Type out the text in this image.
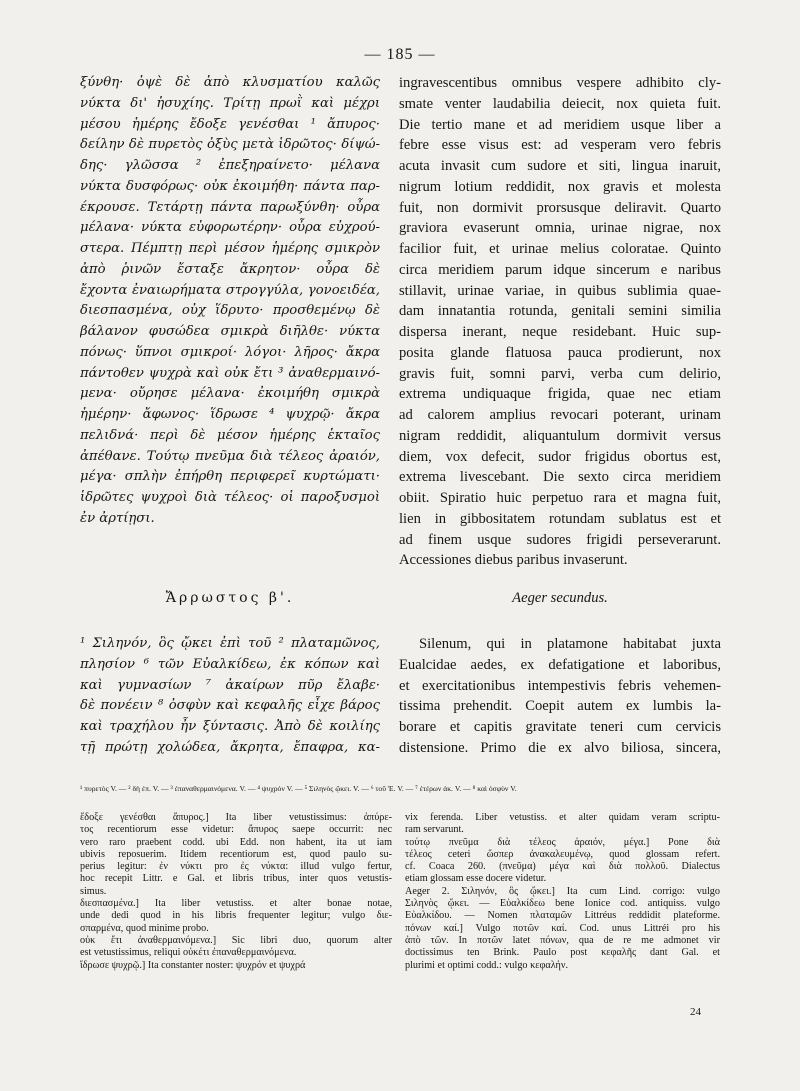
— 185 —
ξύνθη· ὀψὲ δὲ ἀπὸ κλυσματίου καλῶς
νύκτα δι' ἡσυχίης. Τρίτῃ πρωῒ καὶ μέχρι
μέσου ἡμέρης ἔδοξε γενέσθαι ¹ ἄπυρος·
δείλην δὲ πυρετὸς ὀξὺς μετὰ ἱδρῶτος· δίψώ-
δης· γλῶσσα ² ἐπεξηραίνετο· μέλανα
νύκτα δυσφόρως· οὐκ ἐκοιμήθη· πάντα παρ-
έκρουσε. Τετάρτῃ πάντα παρωξύνθη· οὖρα
μέλανα· νύκτα εὐφορωτέρην· οὖρα εὐχρού-
στερα. Πέμπτῃ περὶ μέσον ἡμέρης σμικρὸν
ἀπὸ ῥινῶν ἔσταξε ἄκρητον· οὖρα δὲ
ἔχοντα ἐναιωρήματα στρογγύλα, γονοειδέα,
διεσπασμένα, οὐχ ἵδρυτο· προσθεμένῳ δὲ
βάλανον φυσώδεα σμικρὰ διῆλθε· νύκτα
πόνως· ὕπνοι σμικροί· λόγοι· λῆρος· ἄκρα
πάντοθεν ψυχρὰ καὶ οὐκ ἔτι ³ ἀναθερμαινό-
μενα· οὔρησε μέλανα· ἐκοιμήθη σμικρὰ
ἡμέρην· ἄφωνος· ἵδρωσε ⁴ ψυχρῷ· ἄκρα
πελιδνά· περὶ δὲ μέσον ἡμέρης ἑκταῖος
ἀπέθανε. Τούτῳ πνεῦμα διὰ τέλεος ἀραιόν,
μέγα· σπλὴν ἐπήρθη περιφερεῖ κυρτώματι·
ἱδρῶτες ψυχροὶ διὰ τέλεος· οἱ παροξυσμοὶ
ἐν ἀρτίῃσι.
ingravescentibus omnibus vespere adhibito cly-
smate venter laudabilia deiecit, nox quieta fuit.
Die tertio mane et ad meridiem usque liber a
febre esse visus est: ad vesperam vero febris
acuta invasit cum sudore et siti, lingua inaruit,
nigrum lotium reddidit, nox gravis et molesta
fuit, non dormivit prorsusque deliravit. Quarto
graviora evaserunt omnia, urinae nigrae, nox
facilior fuit, et urinae melius coloratae. Quinto
circa meridiem parum idque sincerum e naribus
stillavit, urinae variae, in quibus sublimia quae-
dam innatantia rotunda, genitali semini similia
dispersa inerant, neque residebant. Huic sup-
posita glande flatuosa pauca prodierunt, nox
gravis fuit, somni parvi, verba cum delirio,
extrema undiquaque frigida, quae nec etiam
ad calorem amplius revocari poterant, urinam
nigram reddidit, aliquantulum dormivit versus
diem, vox defecit, sudor frigidus obortus est,
extrema livescebant. Die sexto circa meridiem
obiit. Spiratio huic perpetuo rara et magna fuit,
lien in gibbositatem rotundam sublatus est et
ad finem usque sudores frigidi perseverarunt.
Accessiones diebus paribus invaserunt.
Ἄρρωστος β'.	Aeger secundus.
¹ Σιληνόν, ὃς ᾤκει ἐπὶ τοῦ ² πλαταμῶνος,
πλησίον ⁶ τῶν Εὐαλκίδεω, ἐκ κόπων καὶ
καὶ γυμνασίων ⁷ ἀκαίρων πῦρ ἔλαβε·
δὲ πονέειν ⁸ ὀσφὺν καὶ κεφαλῆς εἶχε βάρος
καὶ τραχήλου ἦν ξύντασις. Ἀπὸ δὲ κοιλίης
τῇ πρώτῃ χολώδεα, ἄκρητα, ἔπαφρα, κα-
Silenum, qui in platamone habitabat juxta
Eualcidae aedes, ex defatigatione et laboribus,
et exercitationibus intempestivis febris vehemen-
tissima prehendit. Coepit autem ex lumbis la-
borare et capitis gravitate teneri cum cervicis
distensione. Primo die ex alvo biliosa, sincera,
¹ πυρετὸς V. — ² δὴ ἐπ. V. — ³ ἐπαναθερμαινόμενα. V. — ⁴ ψυχρόν V. — ⁵ Σιληνὸς ᾤκει. V. — ⁶ τοῦ Ἐ. V. — ⁷ ἑτέρων ἀκ. V. — ⁸ καὶ ὀσφὺν V.
ἔδοξε γενέσθαι ἄπυρος.] Ita liber vetustissimus: ἀπύρε-
τος recentiorum esse videtur: ἄπυρος saepe occurrit: nec
vero raro praebent codd. ubi Edd. non habent, ita ut iam
ubivis reposuerim. Itidem recentiorum est, quod paulo su-
perius legitur: ἐν νύκτι pro ἐς νύκτα: illud vulgo fertur,
hoc recepit Littr. e Gal. et libris tribus, inter quos vetustis-
simus.
διεσπασμένα.] Ita liber vetustiss. et alter bonae notae,
unde dedi quod in his libris frequenter legitur; vulgo διε-
σπαρμένα, quod minime probo.
οὐκ ἔτι ἀναθερμαινόμενα.] Sic libri duo, quorum alter
est vetustissimus, reliqui οὐκέτι ἐπαναθερμαινόμενα.
ἵδρωσε ψυχρῷ.] Ita constanter noster: ψυχρόν et ψυχρά
vix ferenda. Liber vetustiss. et alter quidam veram scriptu-
ram servarunt.
τούτῳ πνεῦμα διὰ τέλεος ἀραιόν, μέγα.] Pone διὰ
τέλεος ceteri ὥσπερ ἀνακαλευμένῳ, quod glossam refert.
cf. Coaca 260. (πνεῦμα) μέγα καὶ διὰ πολλοῦ. Dialectus
etiam glossam esse docere videtur.
Aeger 2. Σιληνόν, ὃς ᾤκει.] Ita cum Lind. corrigo: vulgo
Σιληνὸς ᾤκει. — Εὐαλκίδεω bene Ionice cod. antiquiss. vulgo
Εὐαλκίδου. — Nomen πλαταμῶν Littréus reddidit plateforme.
πόνων καί.] Vulgo ποτῶν καί. Cod. unus Littréi pro his
ἀπὸ τῶν. In ποτῶν latet πόνων, qua de re me admonet vir
doctissimus ten Brink. Paulo post κεφαλῆς dant Gal. et
plurimi et optimi codd.: vulgo κεφαλήν.
24
